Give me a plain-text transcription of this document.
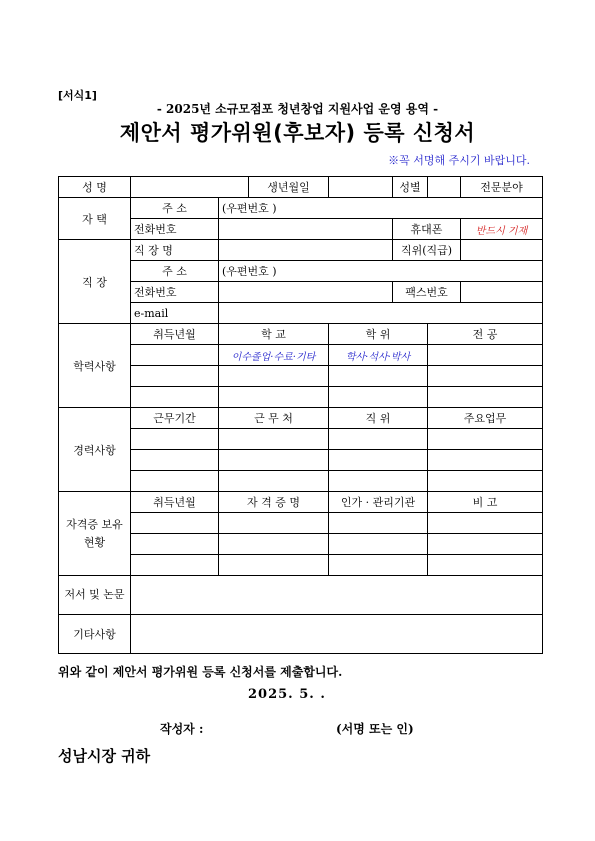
[서식1]
- 2025년 소규모점포 청년창업 지원사업 운영 용역 -
제안서 평가위원(후보자) 등록 신청서
※꼭 서명해 주시기 바랍니다.
성 명			생년월일		성별		전문분야
자 택	주 소	(우편번호 )					
	전화번호				휴대폰		반드시 기재
직 장	직 장 명				직위(직급)		
	주 소	(우편번호 )					
	전화번호				팩스번호		
	e-mail						
학력사항	취득년월	학 교		학 위		전 공	
		이수졸업·수료·기타		학사·석사·박사			

경력사항	근무기간	근 무 처		직 위		주요업무	

자격증 보유현황	취득년월	자 격 증 명		인가 · 관리기관		비 고	

저서 및 논문							
기타사항							
위와 같이 제안서 평가위원 등록 신청서를 제출합니다.
2025. 5. .
작성자 :	(서명 또는 인)
성남시장 귀하
